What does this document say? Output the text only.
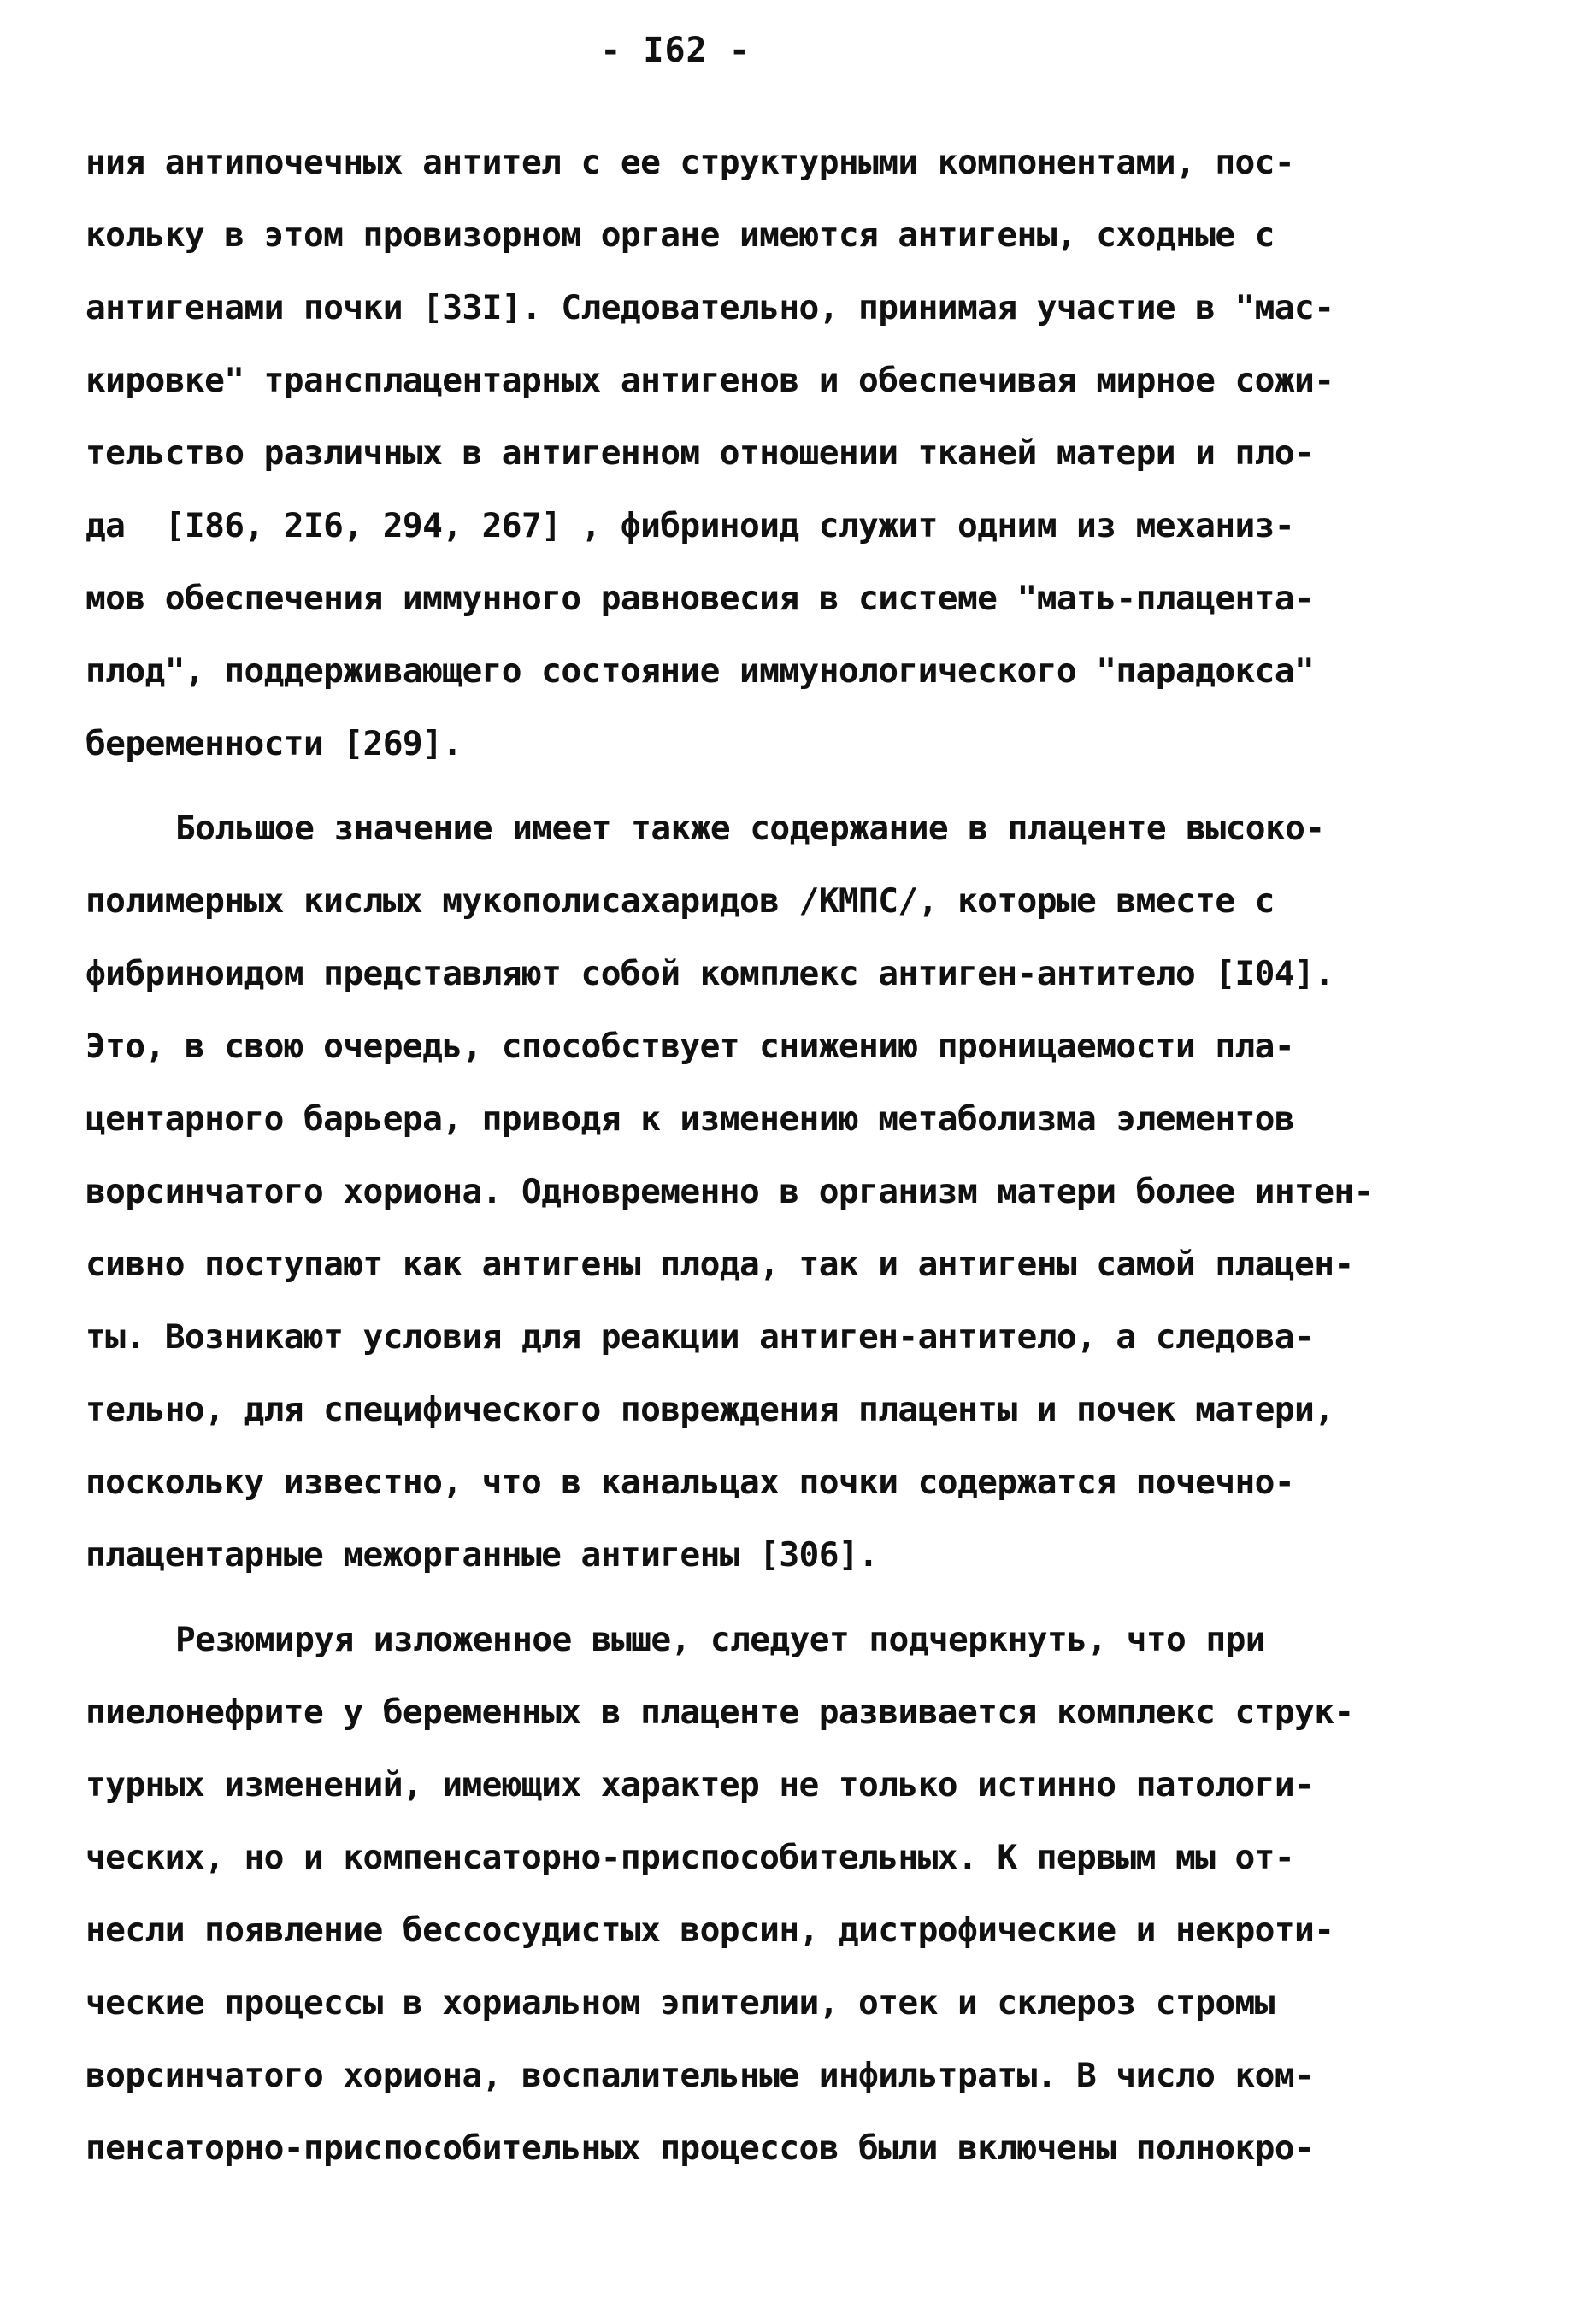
- I62 -
ния антипочечных антител с ее структурными компонентами, пос-
кольку в этом провизорном органе имеются антигены, сходные с
антигенами почки [33I]. Следовательно, принимая участие в "мас-
кировке" трансплацентарных антигенов и обеспечивая мирное сожи-
тельство различных в антигенном отношении тканей матери и пло-
да  [I86, 2I6, 294, 267] , фибриноид служит одним из механиз-
мов обеспечения иммунного равновесия в системе "мать-плацента-
плод", поддерживающего состояние иммунологического "парадокса"
беременности [269].
Большое значение имеет также содержание в плаценте высоко-
полимерных кислых мукополисахаридов /КМПС/, которые вместе с
фибриноидом представляют собой комплекс антиген-антитело [I04].
Это, в свою очередь, способствует снижению проницаемости пла-
центарного барьера, приводя к изменению метаболизма элементов
ворсинчатого хориона. Одновременно в организм матери более интен-
сивно поступают как антигены плода, так и антигены самой плацен-
ты. Возникают условия для реакции антиген-антитело, а следова-
тельно, для специфического повреждения плаценты и почек матери,
поскольку известно, что в канальцах почки содержатся почечно-
плацентарные межорганные антигены [306].
Резюмируя изложенное выше, следует подчеркнуть, что при
пиелонефрите у беременных в плаценте развивается комплекс струк-
турных изменений, имеющих характер не только истинно патологи-
ческих, но и компенсаторно-приспособительных. К первым мы от-
несли появление бессосудистых ворсин, дистрофические и некроти-
ческие процессы в хориальном эпителии, отек и склероз стромы
ворсинчатого хориона, воспалительные инфильтраты. В число ком-
пенсаторно-приспособительных процессов были включены полнокро-
